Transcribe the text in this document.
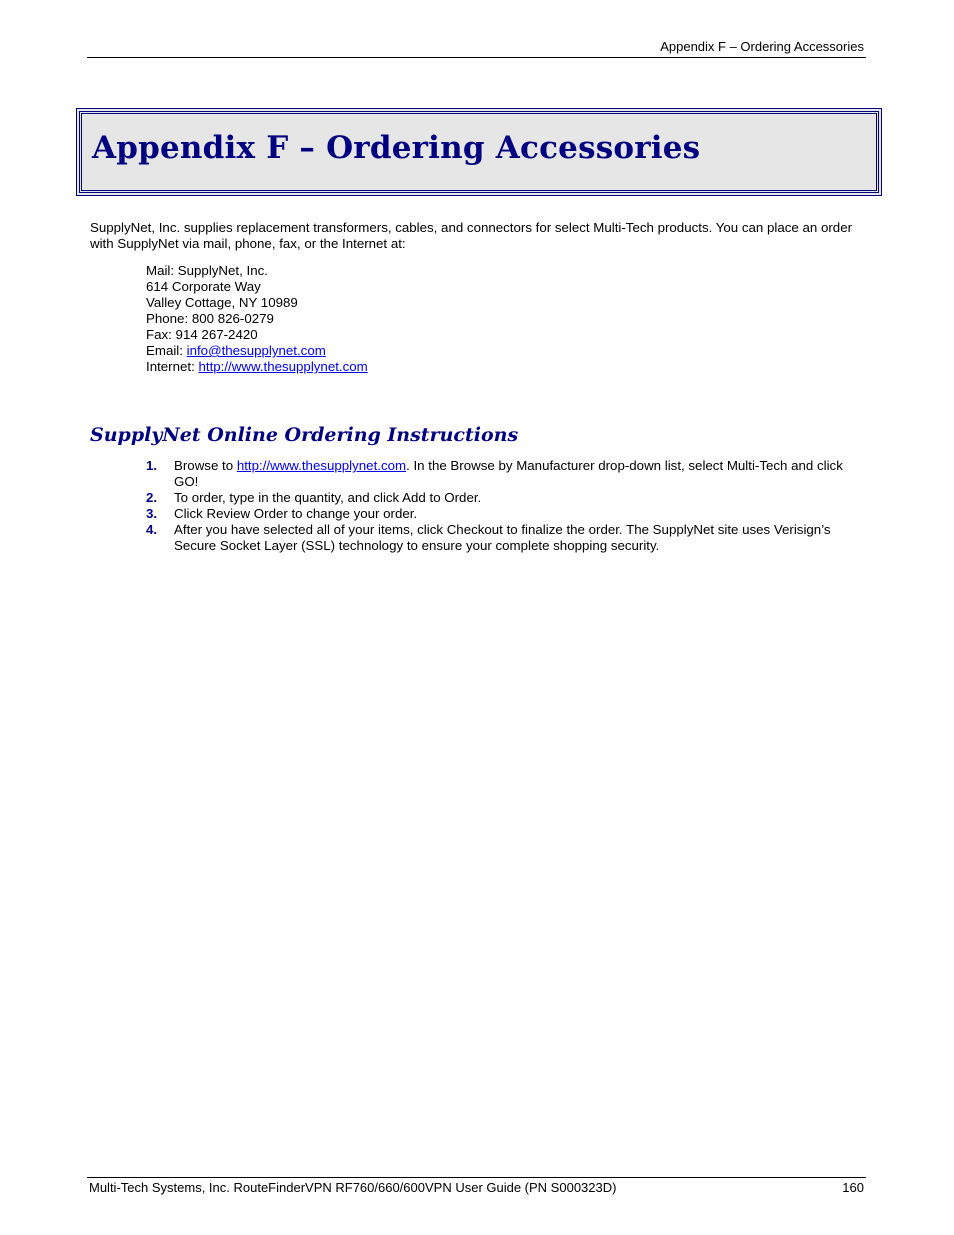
Appendix F – Ordering Accessories
Appendix F – Ordering Accessories
SupplyNet, Inc. supplies replacement transformers, cables, and connectors for select Multi-Tech products. You can place an order with SupplyNet via mail, phone, fax, or the Internet at:
Mail: SupplyNet, Inc.
614 Corporate Way
Valley Cottage, NY 10989
Phone: 800 826-0279
Fax: 914 267-2420
Email: info@thesupplynet.com
Internet: http://www.thesupplynet.com
SupplyNet Online Ordering Instructions
1. Browse to http://www.thesupplynet.com. In the Browse by Manufacturer drop-down list, select Multi-Tech and click GO!
2. To order, type in the quantity, and click Add to Order.
3. Click Review Order to change your order.
4. After you have selected all of your items, click Checkout to finalize the order. The SupplyNet site uses Verisign’s Secure Socket Layer (SSL) technology to ensure your complete shopping security.
Multi-Tech Systems, Inc. RouteFinderVPN RF760/660/600VPN User Guide (PN S000323D)	160
